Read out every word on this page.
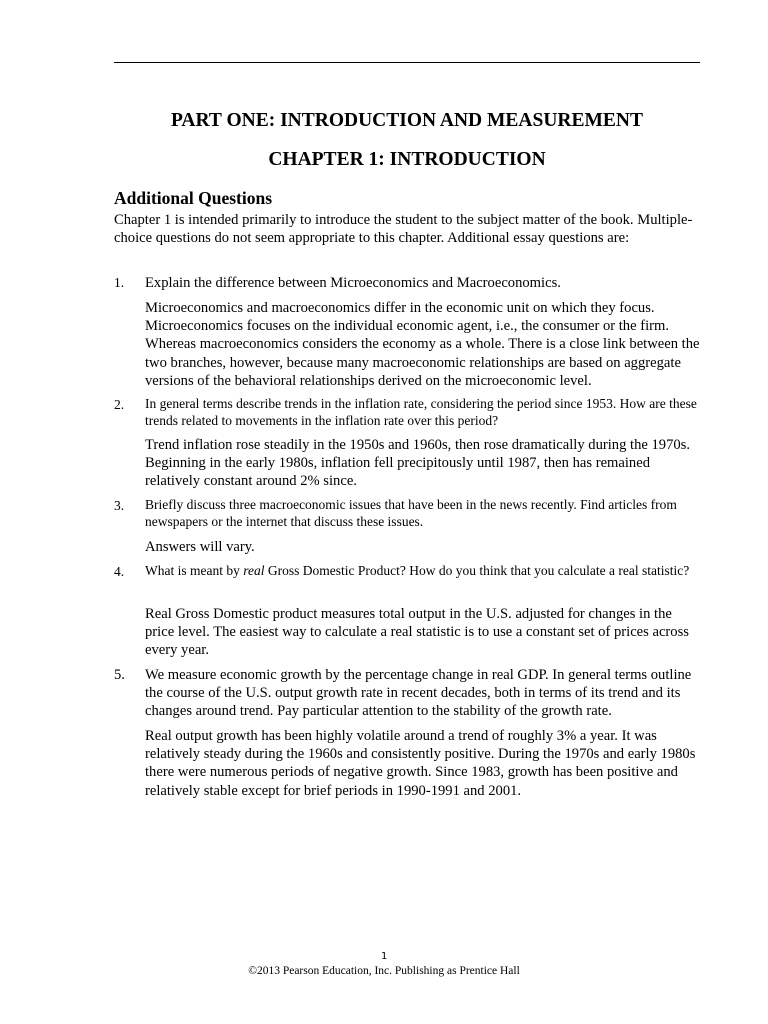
PART ONE: INTRODUCTION AND MEASUREMENT
CHAPTER 1: INTRODUCTION
Additional Questions
Chapter 1 is intended primarily to introduce the student to the subject matter of the book. Multiple-choice questions do not seem appropriate to this chapter. Additional essay questions are:
1. Explain the difference between Microeconomics and Macroeconomics.
Microeconomics and macroeconomics differ in the economic unit on which they focus. Microeconomics focuses on the individual economic agent, i.e., the consumer or the firm. Whereas macroeconomics considers the economy as a whole. There is a close link between the two branches, however, because many macroeconomic relationships are based on aggregate versions of the behavioral relationships derived on the microeconomic level.
2. In general terms describe trends in the inflation rate, considering the period since 1953. How are these trends related to movements in the inflation rate over this period?
Trend inflation rose steadily in the 1950s and 1960s, then rose dramatically during the 1970s. Beginning in the early 1980s, inflation fell precipitously until 1987, then has remained relatively constant around 2% since.
3. Briefly discuss three macroeconomic issues that have been in the news recently. Find articles from newspapers or the internet that discuss these issues.
Answers will vary.
4. What is meant by real Gross Domestic Product? How do you think that you calculate a real statistic?
Real Gross Domestic product measures total output in the U.S. adjusted for changes in the price level. The easiest way to calculate a real statistic is to use a constant set of prices across every year.
5. We measure economic growth by the percentage change in real GDP. In general terms outline the course of the U.S. output growth rate in recent decades, both in terms of its trend and its changes around trend. Pay particular attention to the stability of the growth rate.
Real output growth has been highly volatile around a trend of roughly 3% a year. It was relatively steady during the 1960s and consistently positive. During the 1970s and early 1980s there were numerous periods of negative growth. Since 1983, growth has been positive and relatively stable except for brief periods in 1990-1991 and 2001.
1
©2013 Pearson Education, Inc. Publishing as Prentice Hall
